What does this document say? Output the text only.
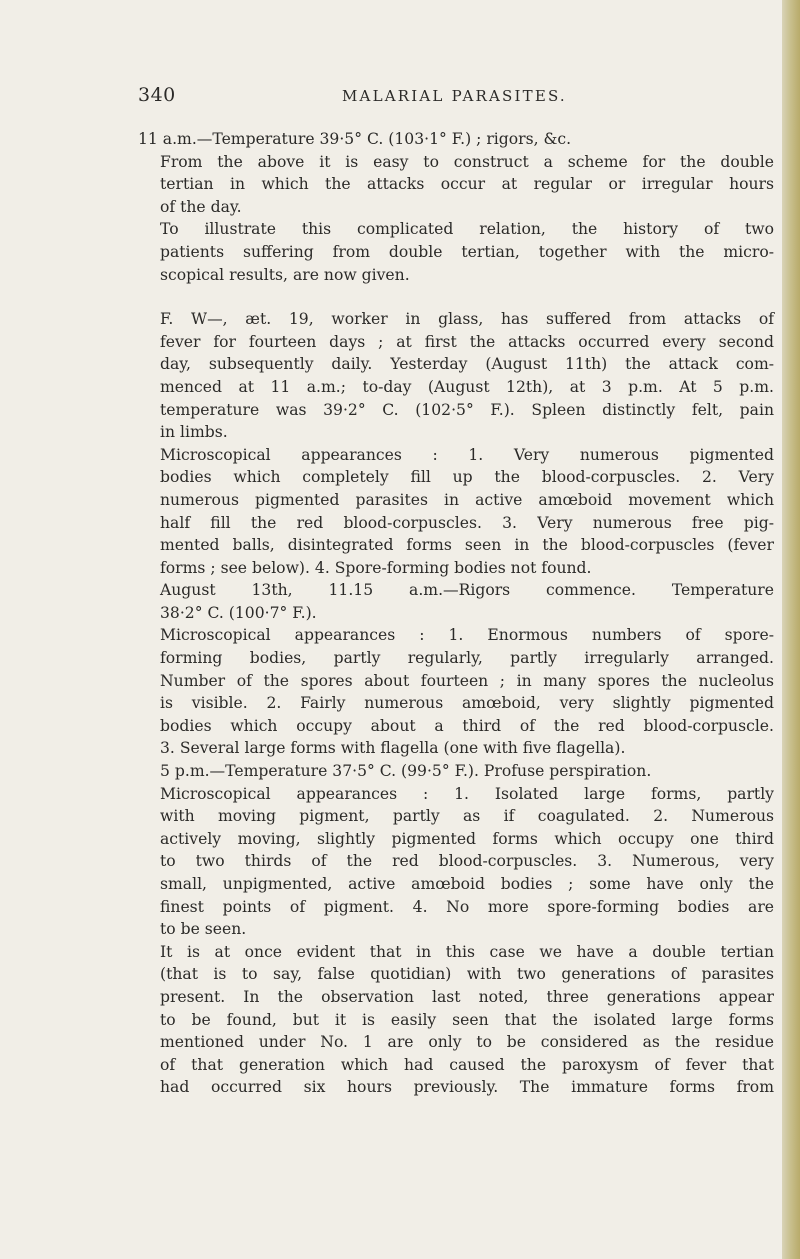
340	MALARIAL PARASITES.

11 a.m.—Temperature 39·5° C. (103·1° F.) ; rigors, &c.

From the above it is easy to construct a scheme for the double
tertian in which the attacks occur at regular or irregular hours
of the day.

To illustrate this complicated relation, the history of two
patients suffering from double tertian, together with the micro-
scopical results, are now given.

F. W—, æt. 19, worker in glass, has suffered from attacks of
fever for fourteen days ; at first the attacks occurred every second
day, subsequently daily. Yesterday (August 11th) the attack com-
menced at 11 a.m.; to-day (August 12th), at 3 p.m. At 5 p.m.
temperature was 39·2° C. (102·5° F.). Spleen distinctly felt, pain
in limbs.

Microscopical appearances : 1. Very numerous pigmented
bodies which completely fill up the blood-corpuscles. 2. Very
numerous pigmented parasites in active amœboid movement which
half fill the red blood-corpuscles. 3. Very numerous free pig-
mented balls, disintegrated forms seen in the blood-corpuscles (fever
forms ; see below). 4. Spore-forming bodies not found.

August 13th, 11.15 a.m.—Rigors commence. Temperature
38·2° C. (100·7° F.).

Microscopical appearances : 1. Enormous numbers of spore-
forming bodies, partly regularly, partly irregularly arranged.
Number of the spores about fourteen ; in many spores the nucleolus
is visible. 2. Fairly numerous amœboid, very slightly pigmented
bodies which occupy about a third of the red blood-corpuscle.
3. Several large forms with flagella (one with five flagella).

5 p.m.—Temperature 37·5° C. (99·5° F.). Profuse perspiration.

Microscopical appearances : 1. Isolated large forms, partly
with moving pigment, partly as if coagulated. 2. Numerous
actively moving, slightly pigmented forms which occupy one third
to two thirds of the red blood-corpuscles. 3. Numerous, very
small, unpigmented, active amœboid bodies ; some have only the
finest points of pigment. 4. No more spore-forming bodies are
to be seen.

It is at once evident that in this case we have a double tertian
(that is to say, false quotidian) with two generations of parasites
present. In the observation last noted, three generations appear
to be found, but it is easily seen that the isolated large forms
mentioned under No. 1 are only to be considered as the residue
of that generation which had caused the paroxysm of fever that
had occurred six hours previously. The immature forms from
